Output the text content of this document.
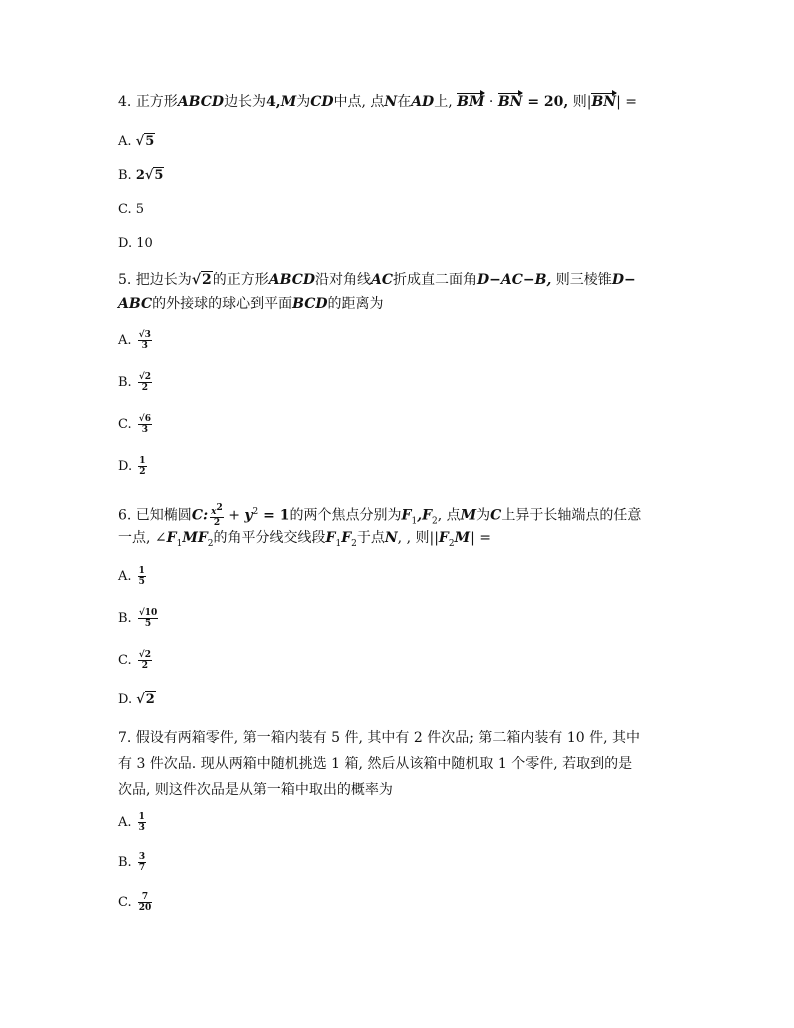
4. 正方形ABCD边长为4,M为CD中点, 点N在AD上, BM · BN = 20, 则|BN| =
A. √5
B. 2√5
C. 5
D. 10
5. 把边长为√2的正方形ABCD沿对角线AC折成直二面角D−AC−B, 则三棱锥D−
ABC的外接球的球心到平面BCD的距离为
A. $\frac{√3}{3}$
B. $\frac{√2}{2}$
C. $\frac{√6}{3}$
D. $\frac{1}{2}$
6. 已知椭圆C: $\frac{x^2}{2} + y^2 = 1$的两个焦点分别为$F_1,F_2$, 点M为C上异于长轴端点的任意
一点, $\angle F_1MF_2$的角平分线交线段$F_1F_2$于点N, , 则$||F_2M|$ =
A. $\frac{1}{5}$
B. $\frac{√10}{5}$
C. $\frac{√2}{2}$
D. √2
7. 假设有两箱零件, 第一箱内装有 5 件, 其中有 2 件次品; 第二箱内装有 10 件, 其中
有 3 件次品. 现从两箱中随机挑选 1 箱, 然后从该箱中随机取 1 个零件, 若取到的是
次品, 则这件次品是从第一箱中取出的概率为
A. $\frac{1}{3}$
B. $\frac{3}{7}$
C. $\frac{7}{20}$
